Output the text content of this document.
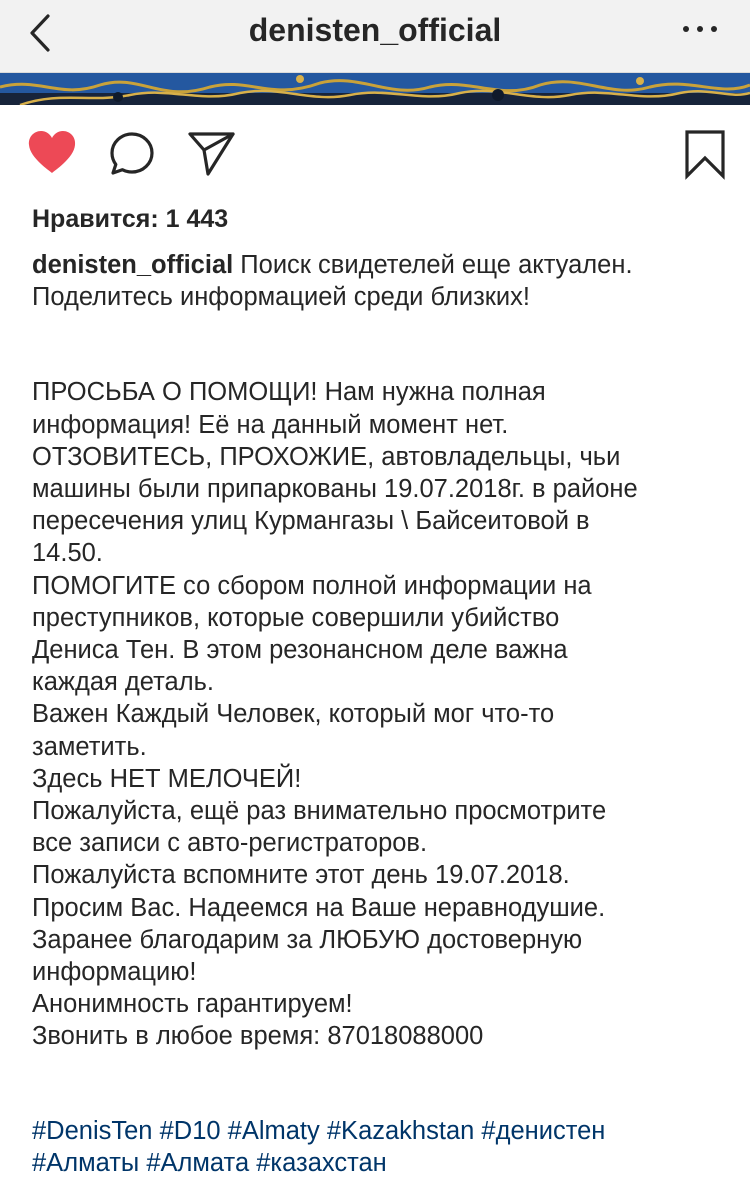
denisten_official
Нравится: 1 443
denisten_official Поиск свидетелей еще актуален.
Поделитесь информацией среди близких!
ПРОСЬБА О ПОМОЩИ! Нам нужна полная
информация! Её на данный момент нет.
ОТЗОВИТЕСЬ, ПРОХОЖИЕ, автовладельцы, чьи
машины были припаркованы 19.07.2018г. в районе
пересечения улиц Курмангазы \ Байсеитовой в
14.50.
ПОМОГИТЕ со сбором полной информации на
преступников, которые совершили убийство
Дениса Тен. В этом резонансном деле важна
каждая деталь.
Важен Каждый Человек, который мог что-то
заметить.
Здесь НЕТ МЕЛОЧЕЙ!
Пожалуйста, ещё раз внимательно просмотрите
все записи с авто-регистраторов.
Пожалуйста вспомните этот день 19.07.2018.
Просим Вас. Надеемся на Ваше неравнодушие.
Заранее благодарим за ЛЮБУЮ достоверную
информацию!
Анонимность гарантируем!
Звонить в любое время: 87018088000
#DenisTen #D10 #Almaty #Kazakhstan #денистен
#Алматы #Алмата #казахстан
